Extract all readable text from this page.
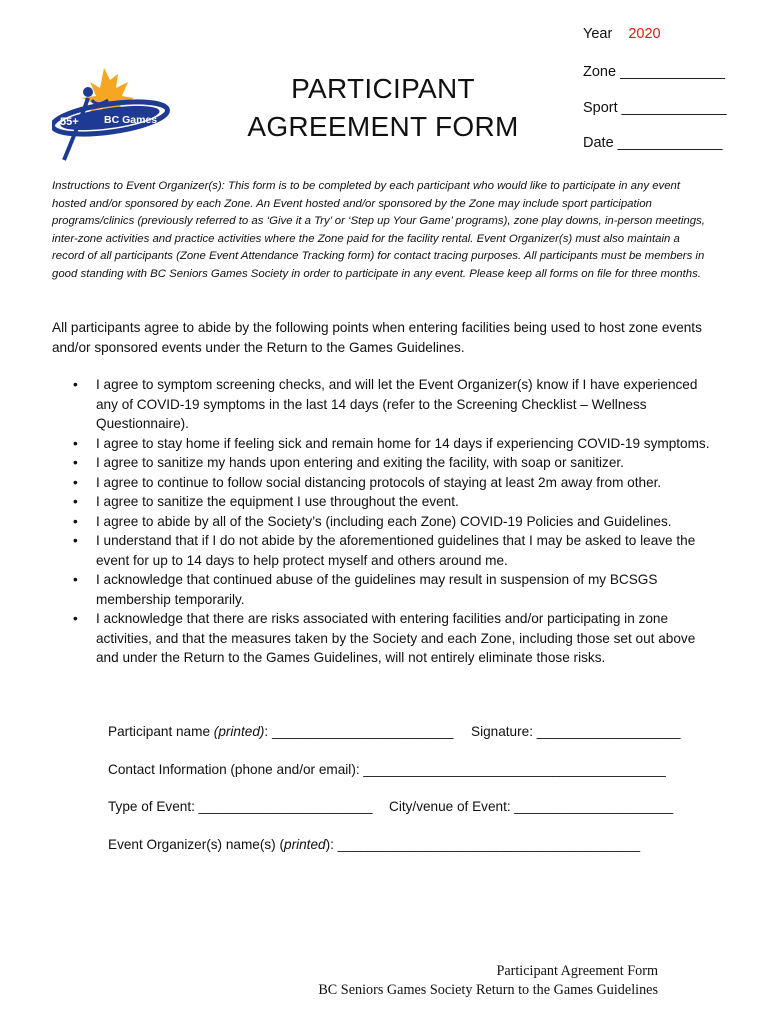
55+ BC Games
PARTICIPANT
AGREEMENT FORM
Year 2020
Zone _____________
Sport _____________
Date _____________
Instructions to Event Organizer(s): This form is to be completed by each participant who would like to participate in any event hosted and/or sponsored by each Zone. An Event hosted and/or sponsored by the Zone may include sport participation programs/clinics (previously referred to as ‘Give it a Try’ or ‘Step up Your Game’ programs), zone play downs, in-person meetings, inter-zone activities and practice activities where the Zone paid for the facility rental. Event Organizer(s) must also maintain a record of all participants (Zone Event Attendance Tracking form) for contact tracing purposes. All participants must be members in good standing with BC Seniors Games Society in order to participate in any event. Please keep all forms on file for three months.
All participants agree to abide by the following points when entering facilities being used to host zone events and/or sponsored events under the Return to the Games Guidelines.
• I agree to symptom screening checks, and will let the Event Organizer(s) know if I have experienced any of COVID-19 symptoms in the last 14 days (refer to the Screening Checklist – Wellness Questionnaire).
• I agree to stay home if feeling sick and remain home for 14 days if experiencing COVID-19 symptoms.
• I agree to sanitize my hands upon entering and exiting the facility, with soap or sanitizer.
• I agree to continue to follow social distancing protocols of staying at least 2m away from other.
• I agree to sanitize the equipment I use throughout the event.
• I agree to abide by all of the Society’s (including each Zone) COVID-19 Policies and Guidelines.
• I understand that if I do not abide by the aforementioned guidelines that I may be asked to leave the event for up to 14 days to help protect myself and others around me.
• I acknowledge that continued abuse of the guidelines may result in suspension of my BCSGS membership temporarily.
• I acknowledge that there are risks associated with entering facilities and/or participating in zone activities, and that the measures taken by the Society and each Zone, including those set out above and under the Return to the Games Guidelines, will not entirely eliminate those risks.
Participant name (printed): ________________________ Signature: ___________________
Contact Information (phone and/or email): ________________________________________
Type of Event: _______________________ City/venue of Event: _____________________
Event Organizer(s) name(s) (printed): ________________________________________
Participant Agreement Form
BC Seniors Games Society Return to the Games Guidelines
